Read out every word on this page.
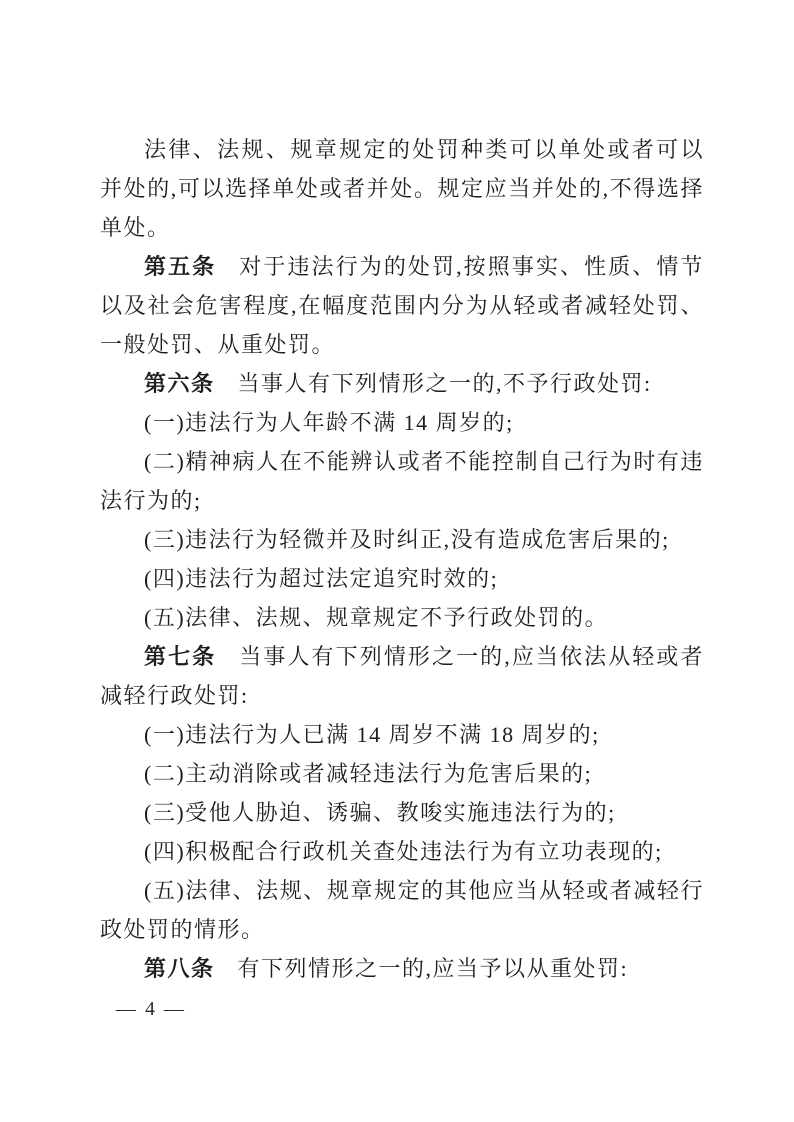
法律、法规、规章规定的处罚种类可以单处或者可以并处的,可以选择单处或者并处。规定应当并处的,不得选择单处。

第五条 对于违法行为的处罚,按照事实、性质、情节以及社会危害程度,在幅度范围内分为从轻或者减轻处罚、一般处罚、从重处罚。

第六条 当事人有下列情形之一的,不予行政处罚:

(一)违法行为人年龄不满 14 周岁的;

(二)精神病人在不能辨认或者不能控制自己行为时有违法行为的;

(三)违法行为轻微并及时纠正,没有造成危害后果的;

(四)违法行为超过法定追究时效的;

(五)法律、法规、规章规定不予行政处罚的。

第七条 当事人有下列情形之一的,应当依法从轻或者减轻行政处罚:

(一)违法行为人已满 14 周岁不满 18 周岁的;

(二)主动消除或者减轻违法行为危害后果的;

(三)受他人胁迫、诱骗、教唆实施违法行为的;

(四)积极配合行政机关查处违法行为有立功表现的;

(五)法律、法规、规章规定的其他应当从轻或者减轻行政处罚的情形。

第八条 有下列情形之一的,应当予以从重处罚:

— 4 —
